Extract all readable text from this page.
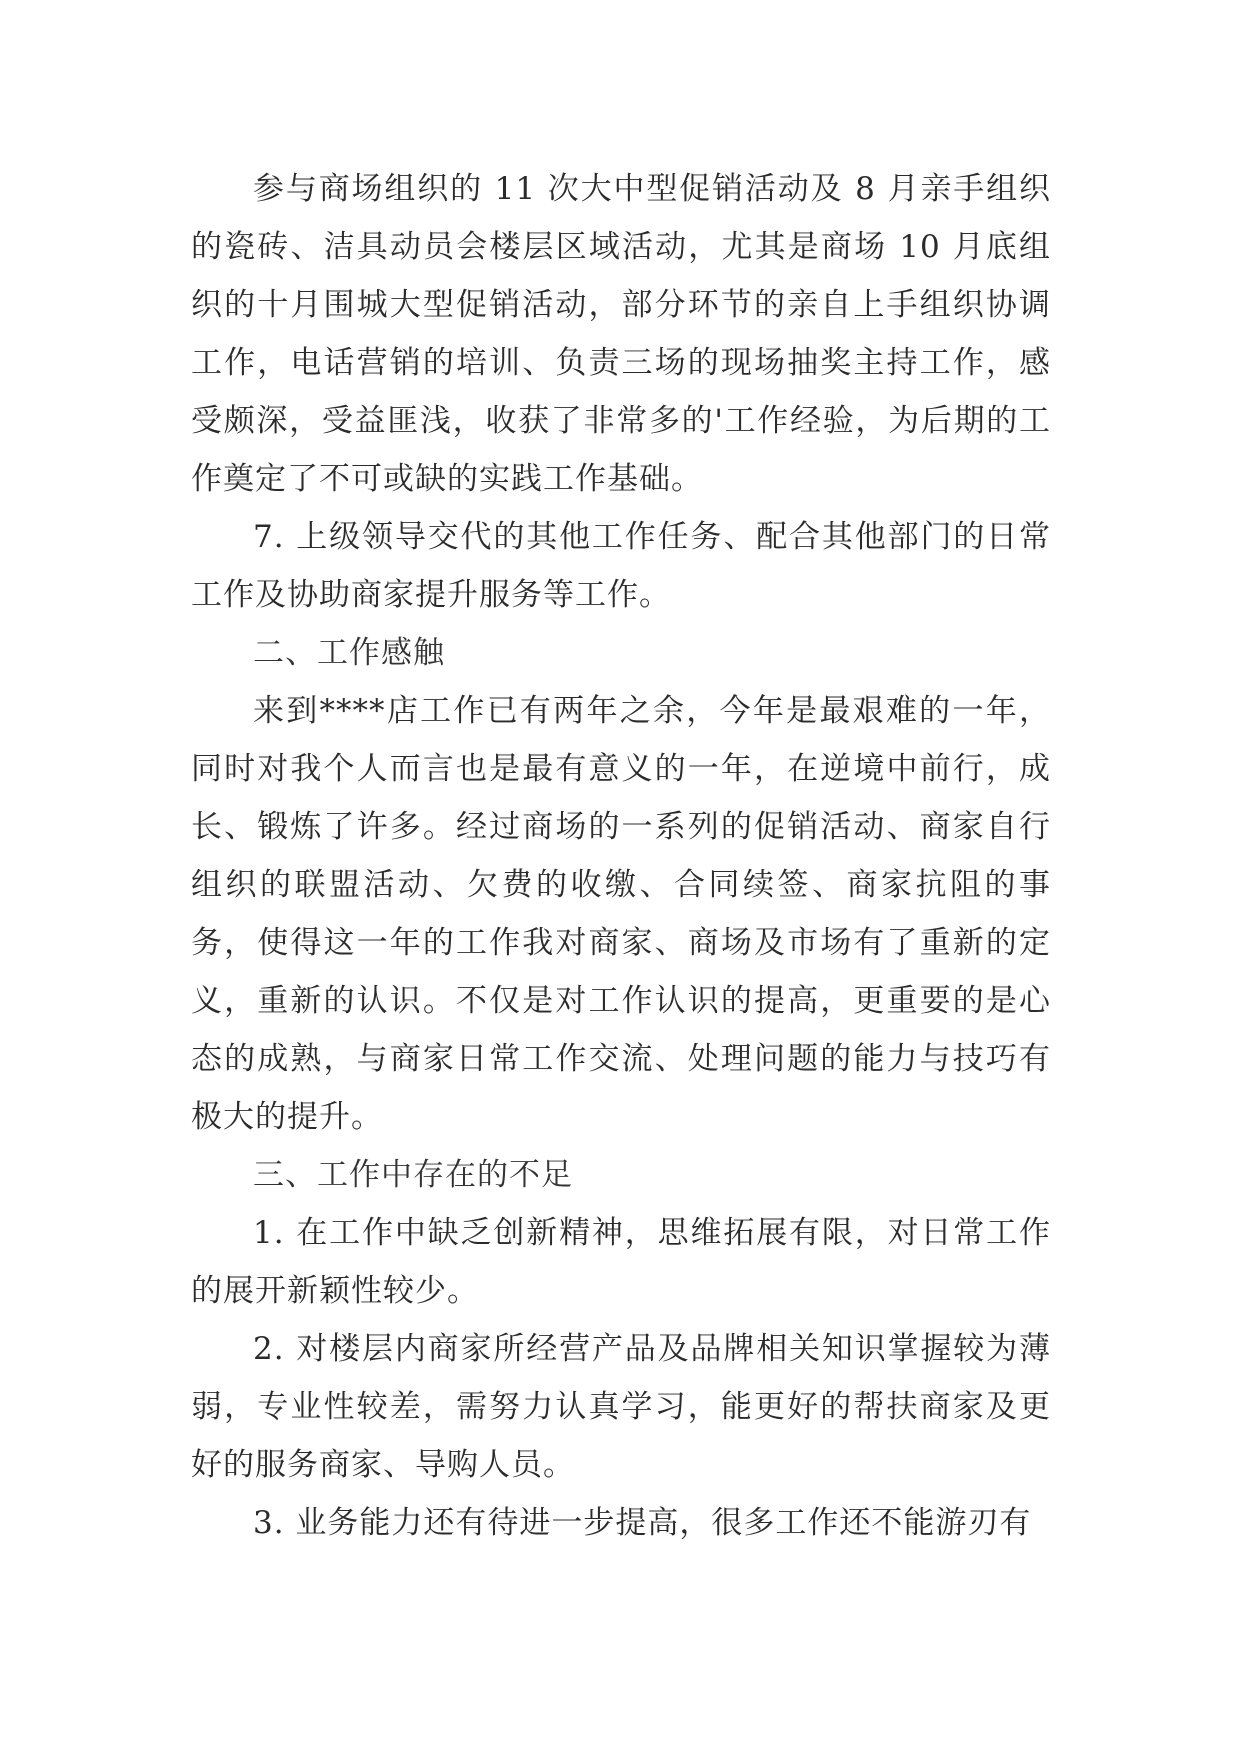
参与商场组织的 11 次大中型促销活动及 8 月亲手组织的瓷砖、洁具动员会楼层区域活动，尤其是商场 10 月底组织的十月围城大型促销活动，部分环节的亲自上手组织协调工作，电话营销的培训、负责三场的现场抽奖主持工作，感受颇深，受益匪浅，收获了非常多的'工作经验，为后期的工作奠定了不可或缺的实践工作基础。

7. 上级领导交代的其他工作任务、配合其他部门的日常工作及协助商家提升服务等工作。

二、工作感触

来到****店工作已有两年之余，今年是最艰难的一年，同时对我个人而言也是最有意义的一年，在逆境中前行，成长、锻炼了许多。经过商场的一系列的促销活动、商家自行组织的联盟活动、欠费的收缴、合同续签、商家抗阻的事务，使得这一年的工作我对商家、商场及市场有了重新的定义，重新的认识。不仅是对工作认识的提高，更重要的是心态的成熟，与商家日常工作交流、处理问题的能力与技巧有极大的提升。

三、工作中存在的不足

1. 在工作中缺乏创新精神，思维拓展有限，对日常工作的展开新颖性较少。

2. 对楼层内商家所经营产品及品牌相关知识掌握较为薄弱，专业性较差，需努力认真学习，能更好的帮扶商家及更好的服务商家、导购人员。

3. 业务能力还有待进一步提高，很多工作还不能游刃有
